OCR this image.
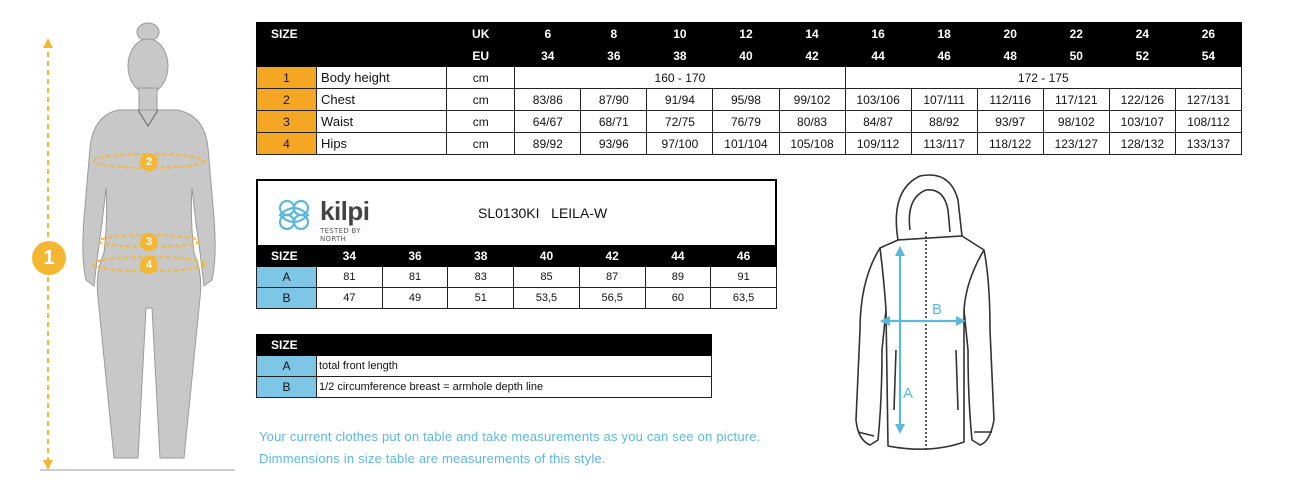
1
2
3
4
SIZE		UK	6	8	10	12	14	16	18	20	22	24	26
		EU	34	36	38	40	42	44	46	48	50	52	54
1	Body height	cm	160 - 170					172 - 175					
2	Chest	cm	83/86	87/90	91/94	95/98	99/102	103/106	107/111	112/116	117/121	122/126	127/131
3	Waist	cm	64/67	68/71	72/75	76/79	80/83	84/87	88/92	93/97	98/102	103/107	108/112
4	Hips	cm	89/92	93/96	97/100	101/104	105/108	109/112	113/117	118/122	123/127	128/132	133/137
kilpi
TESTED BY NORTH
SL0130KI   LEILA-W
SIZE	34	36	38	40	42	44	46
A	81	81	83	85	87	89	91
B	47	49	51	53,5	56,5	60	63,5
SIZE	
A	total front length
B	1/2 circumference breast = armhole depth line
Your current clothes put on table and take measurements as you can see on picture.
Dimmensions in size table are measurements of this style.
A
B
